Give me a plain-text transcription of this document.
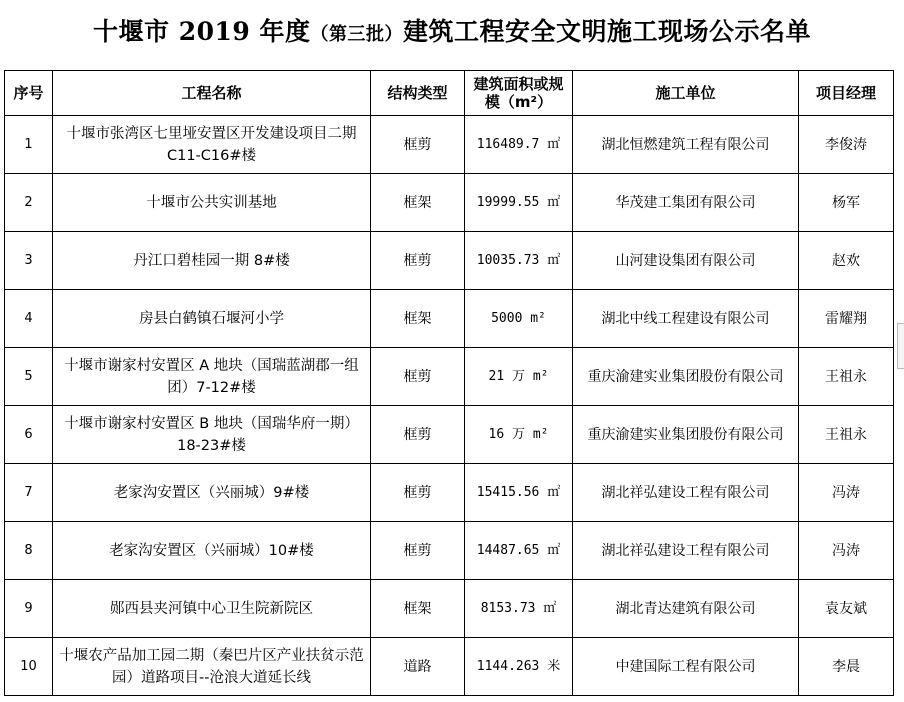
十堰市 2019 年度（第三批）建筑工程安全文明施工现场公示名单
序号	工程名称	结构类型	建筑面积或规模（m²）	施工单位	项目经理
1	十堰市张湾区七里垭安置区开发建设项目二期 C11-C16#楼	框剪	116489.7 ㎡	湖北恒燃建筑工程有限公司	李俊涛
2	十堰市公共实训基地	框架	19999.55 ㎡	华茂建工集团有限公司	杨军
3	丹江口碧桂园一期 8#楼	框剪	10035.73 ㎡	山河建设集团有限公司	赵欢
4	房县白鹤镇石堰河小学	框架	5000 m²	湖北中线工程建设有限公司	雷耀翔
5	十堰市谢家村安置区 A 地块（国瑞蓝湖郡一组团）7-12#楼	框剪	21 万 m²	重庆渝建实业集团股份有限公司	王祖永
6	十堰市谢家村安置区 B 地块（国瑞华府一期）18-23#楼	框剪	16 万 m²	重庆渝建实业集团股份有限公司	王祖永
7	老家沟安置区（兴丽城）9#楼	框剪	15415.56 ㎡	湖北祥弘建设工程有限公司	冯涛
8	老家沟安置区（兴丽城）10#楼	框剪	14487.65 ㎡	湖北祥弘建设工程有限公司	冯涛
9	郧西县夹河镇中心卫生院新院区	框架	8153.73 ㎡	湖北青达建筑有限公司	袁友斌
10	十堰农产品加工园二期（秦巴片区产业扶贫示范园）道路项目--沧浪大道延长线	道路	1144.263 米	中建国际工程有限公司	李晨
